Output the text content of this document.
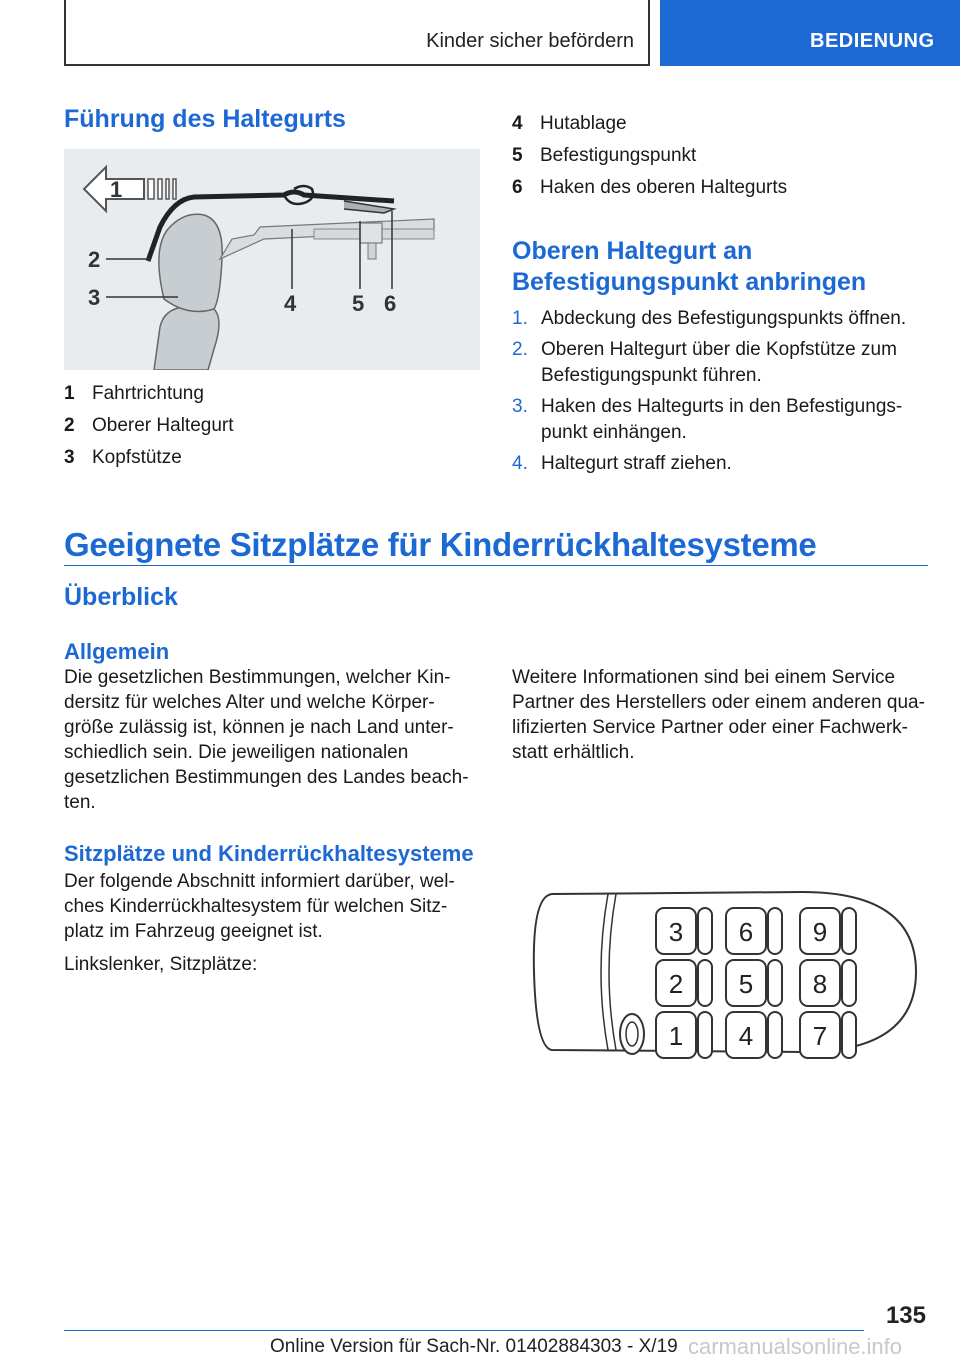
Kinder sicher befördern	BEDIENUNG
Führung des Haltegurts
1
2
3	4	5 6
1 Fahrtrichtung
2 Oberer Haltegurt
3 Kopfstütze
4 Hutablage
5 Befestigungspunkt
6 Haken des oberen Haltegurts
Oberen Haltegurt an
Befestigungspunkt anbringen
1. Abdeckung des Befestigungspunkts öffnen.
2. Oberen Haltegurt über die Kopfstütze zum Befestigungspunkt führen.
3. Haken des Haltegurts in den Befestigungs‐ punkt einhängen.
4. Haltegurt straff ziehen.
Geeignete Sitzplätze für Kinderrückhaltesysteme
Überblick
Allgemein
Die gesetzlichen Bestimmungen, welcher Kin‐ dersitz für welches Alter und welche Körper‐ größe zulässig ist, können je nach Land unter‐ schiedlich sein. Die jeweiligen nationalen gesetzlichen Bestimmungen des Landes beach‐ ten.
Weitere Informationen sind bei einem Service Partner des Herstellers oder einem anderen qua‐ lifizierten Service Partner oder einer Fachwerk‐ statt erhältlich.
Sitzplätze und Kinderrückhaltesysteme
Der folgende Abschnitt informiert darüber, wel‐ ches Kinderrückhaltesystem für welchen Sitz‐ platz im Fahrzeug geeignet ist.
Linkslenker, Sitzplätze:
3 6 9
2 5 8
1 4 7
135
Online Version für Sach-Nr. 01402884303 - X/19 carmanualsonline.info
